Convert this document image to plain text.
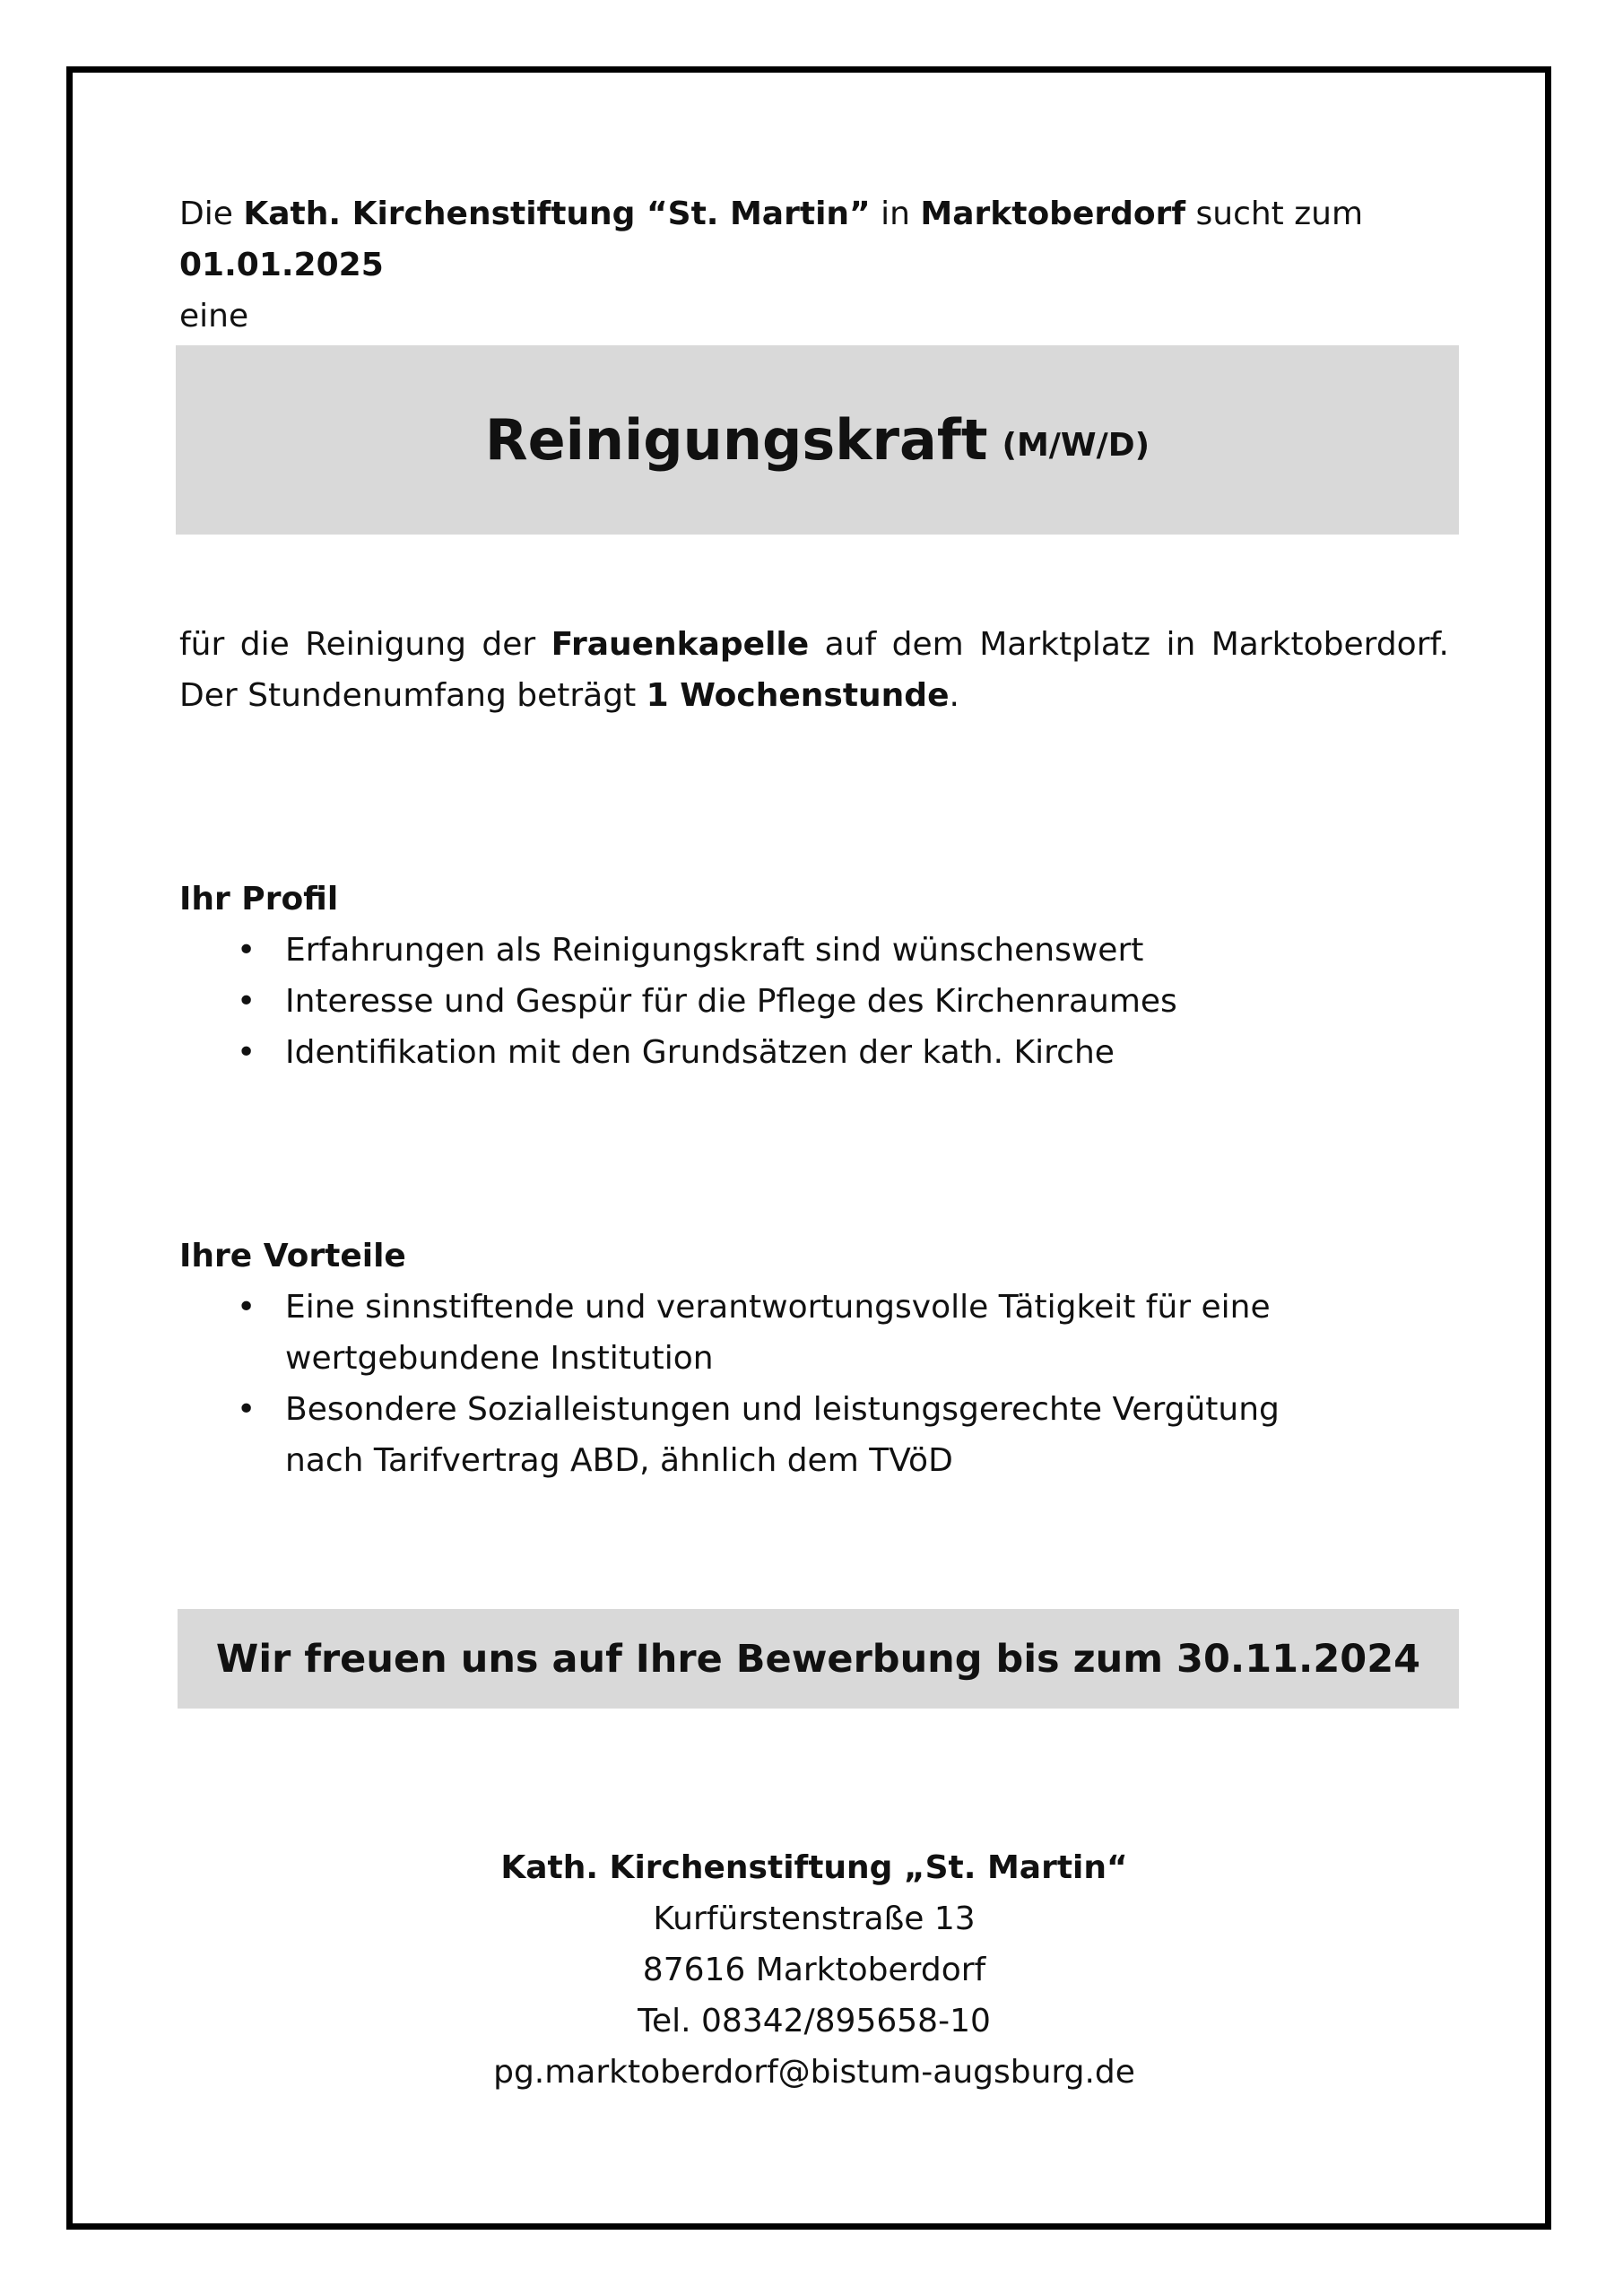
Die Kath. Kirchenstiftung “St. Martin” in Marktoberdorf sucht zum 01.01.2025
eine
Reinigungskraft (M/W/D)
für die Reinigung der Frauenkapelle auf dem Marktplatz in Marktoberdorf. Der Stundenumfang beträgt 1 Wochenstunde.
Ihr Profil
• Erfahrungen als Reinigungskraft sind wünschenswert
• Interesse und Gespür für die Pflege des Kirchenraumes
• Identifikation mit den Grundsätzen der kath. Kirche
Ihre Vorteile
• Eine sinnstiftende und verantwortungsvolle Tätigkeit für eine wertgebundene Institution
• Besondere Sozialleistungen und leistungsgerechte Vergütung nach Tarifvertrag ABD, ähnlich dem TVöD
Wir freuen uns auf Ihre Bewerbung bis zum 30.11.2024
Kath. Kirchenstiftung „St. Martin“
Kurfürstenstraße 13
87616 Marktoberdorf
Tel. 08342/895658-10
pg.marktoberdorf@bistum-augsburg.de
